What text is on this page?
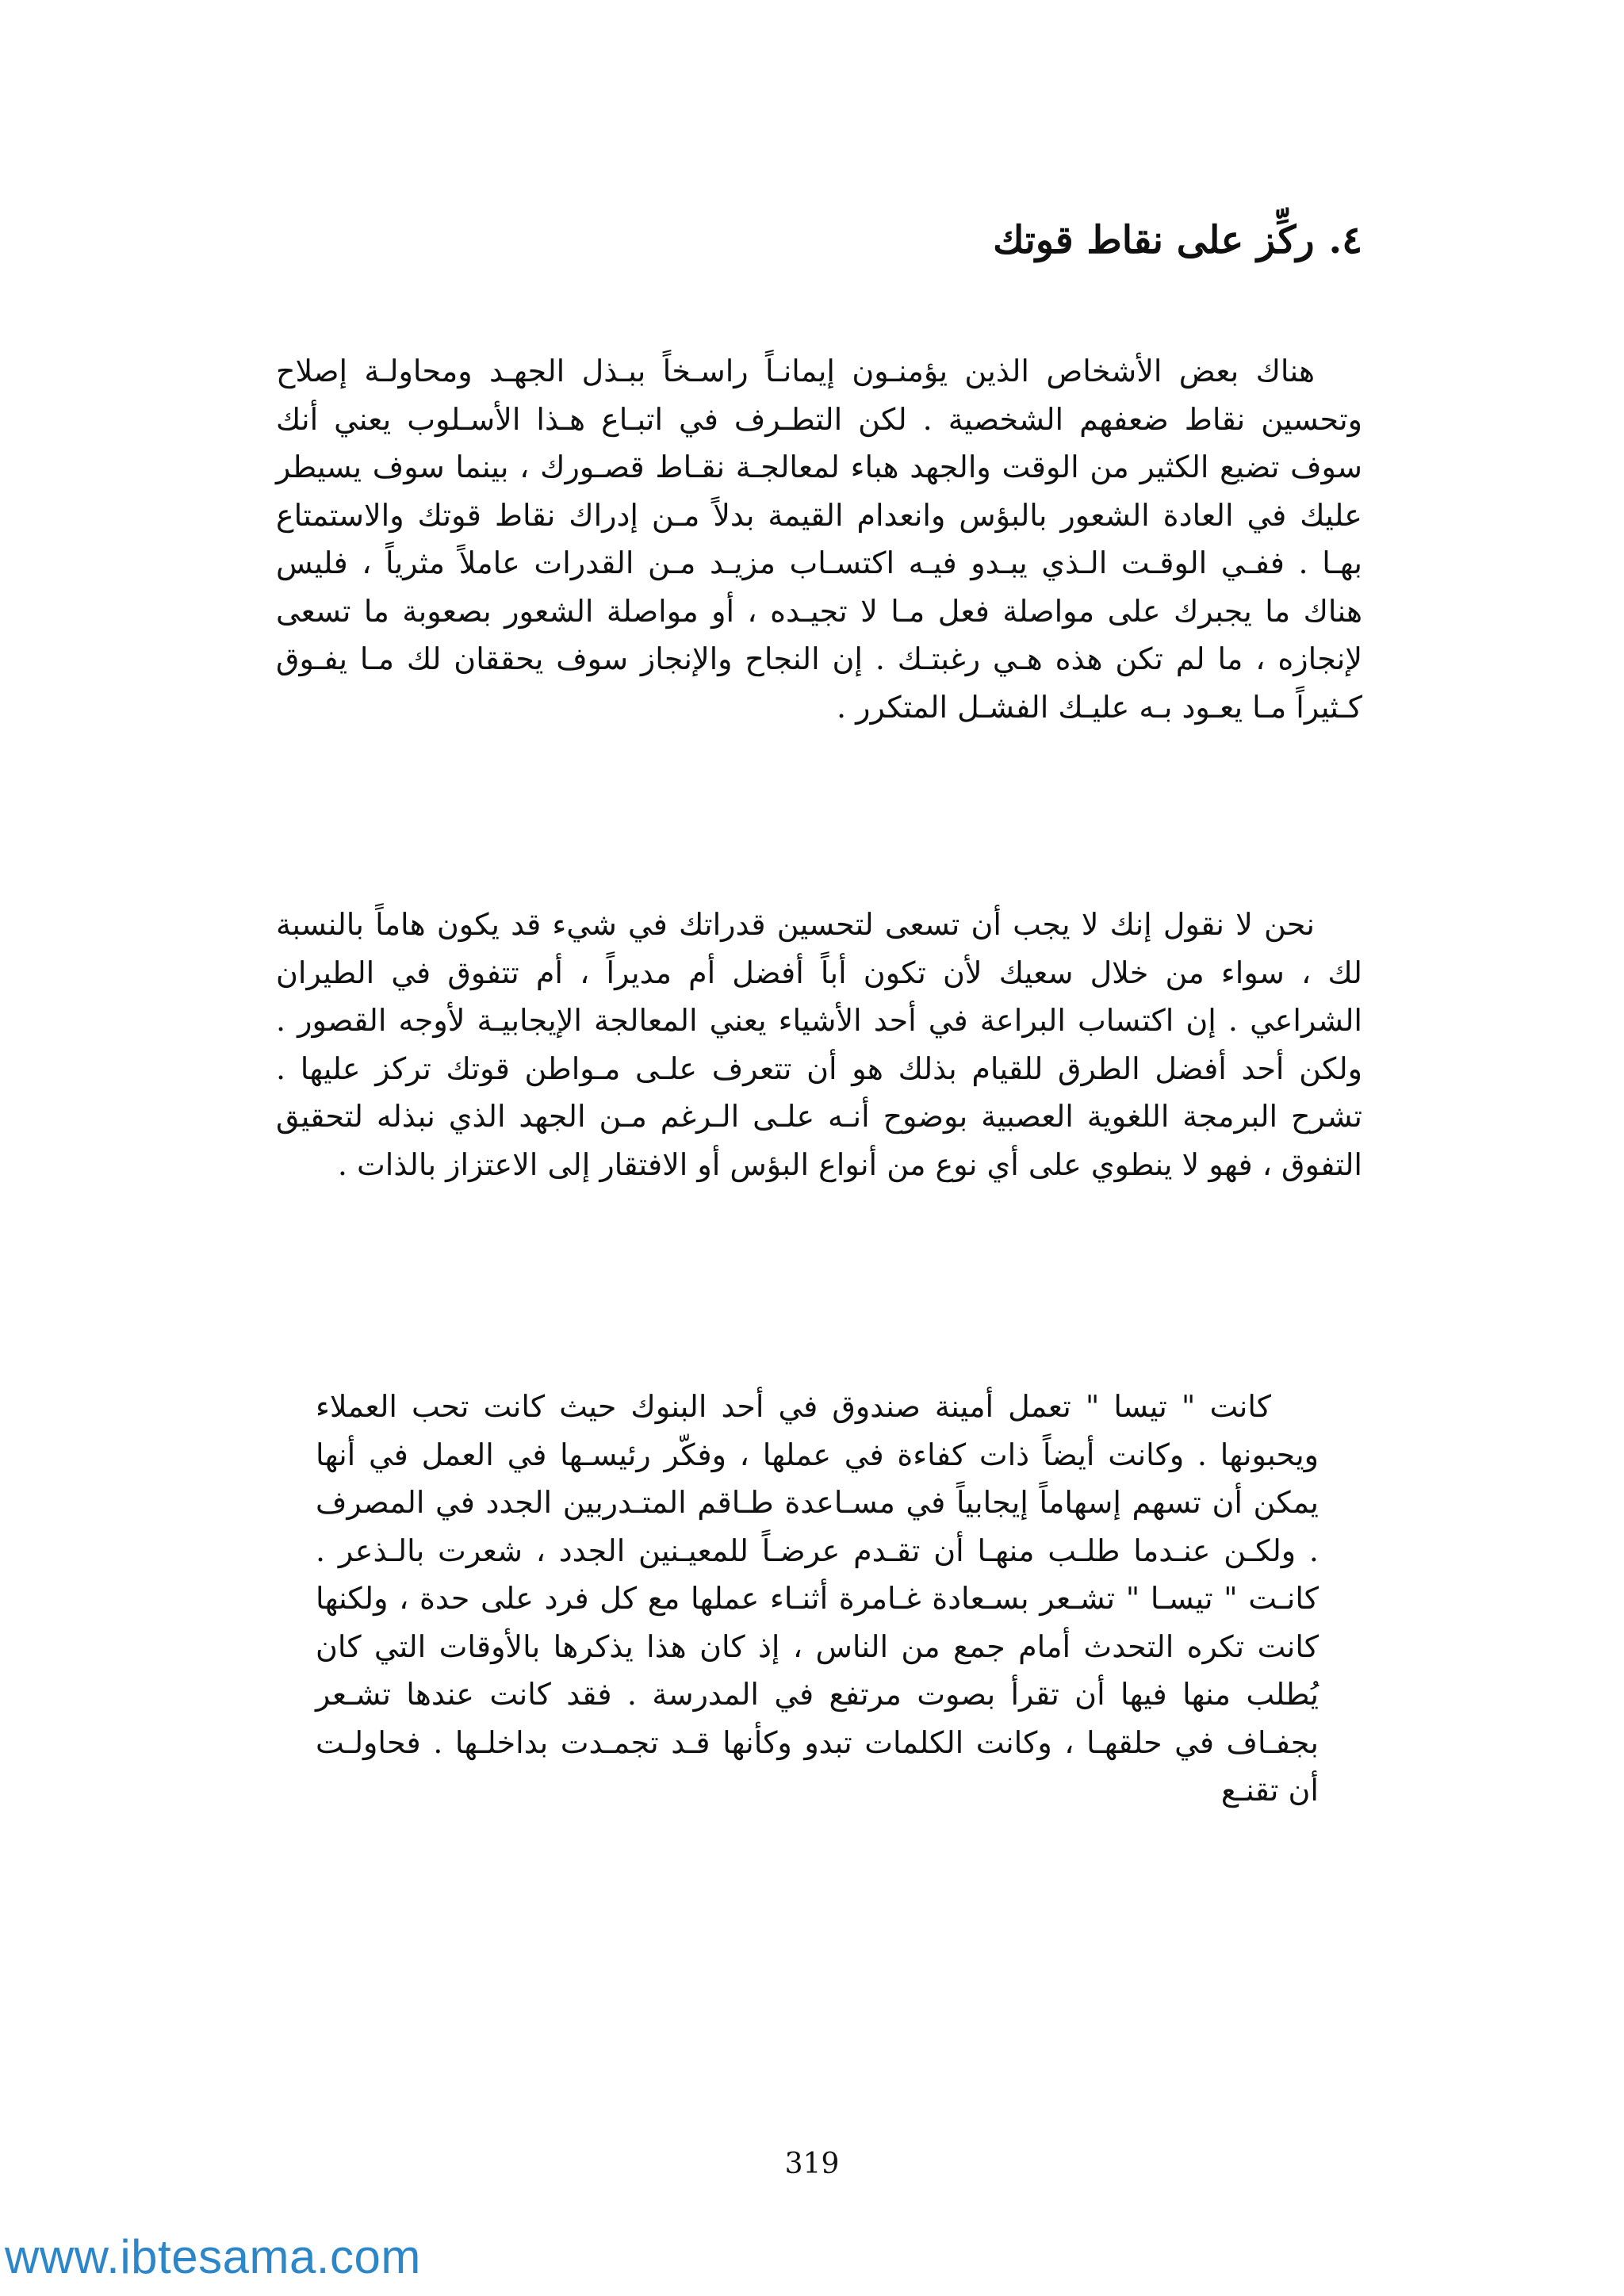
٤.ركِّز على نقاط قوتك

هناك بعض الأشخاص الذين يؤمنـون إيمانـاً راسـخاً ببـذل الجهـد ومحاولـة إصلاح وتحسين نقاط ضعفهم الشخصية . لكن التطـرف في اتبـاع هـذا الأسـلوب يعني أنك سوف تضيع الكثير من الوقت والجهد هباء لمعالجـة نقـاط قصـورك ، بينما سوف يسيطر عليك في العادة الشعور بالبؤس وانعدام القيمة بدلاً مـن إدراك نقاط قوتك والاستمتاع بهـا . ففـي الوقـت الـذي يبـدو فيـه اكتسـاب مزيـد مـن القدرات عاملاً مثرياً ، فليس هناك ما يجبرك على مواصلة فعل مـا لا تجيـده ، أو مواصلة الشعور بصعوبة ما تسعى لإنجازه ، ما لم تكن هذه هـي رغبتـك . إن النجاح والإنجاز سوف يحققان لك مـا يفـوق كـثيراً مـا يعـود بـه عليـك الفشـل المتكرر .

نحن لا نقول إنك لا يجب أن تسعى لتحسين قدراتك في شيء قد يكون هاماً بالنسبة لك ، سواء من خلال سعيك لأن تكون أباً أفضل أم مديراً ، أم تتفوق في الطيران الشراعي . إن اكتساب البراعة في أحد الأشياء يعني المعالجة الإيجابيـة لأوجه القصور . ولكن أحد أفضل الطرق للقيام بذلك هو أن تتعرف علـى مـواطن قوتك تركز عليها . تشرح البرمجة اللغوية العصبية بوضوح أنـه علـى الـرغم مـن الجهد الذي نبذله لتحقيق التفوق ، فهو لا ينطوي على أي نوع من أنواع البؤس أو الافتقار إلى الاعتزاز بالذات .

كانت " تيسا " تعمل أمينة صندوق في أحد البنوك حيث كانت تحب العملاء ويحبونها . وكانت أيضاً ذات كفاءة في عملها ، وفكّر رئيسـها في العمل في أنها يمكن أن تسهم إسهاماً إيجابياً في مسـاعدة طـاقم المتـدربين الجدد في المصرف . ولكـن عنـدما طلـب منهـا أن تقـدم عرضـاً للمعيـنين الجدد ، شعرت بالـذعر . كانـت " تيسـا " تشـعر بسـعادة غـامرة أثنـاء عملها مع كل فرد على حدة ، ولكنها كانت تكره التحدث أمام جمع من الناس ، إذ كان هذا يذكرها بالأوقات التي كان يُطلب منها فيها أن تقرأ بصوت مرتفع في المدرسة . فقد كانت عندها تشـعر بجفـاف في حلقهـا ، وكانت الكلمات تبدو وكأنها قـد تجمـدت بداخلـها . فحاولـت أن تقنـع

319
www.ibtesama.com
